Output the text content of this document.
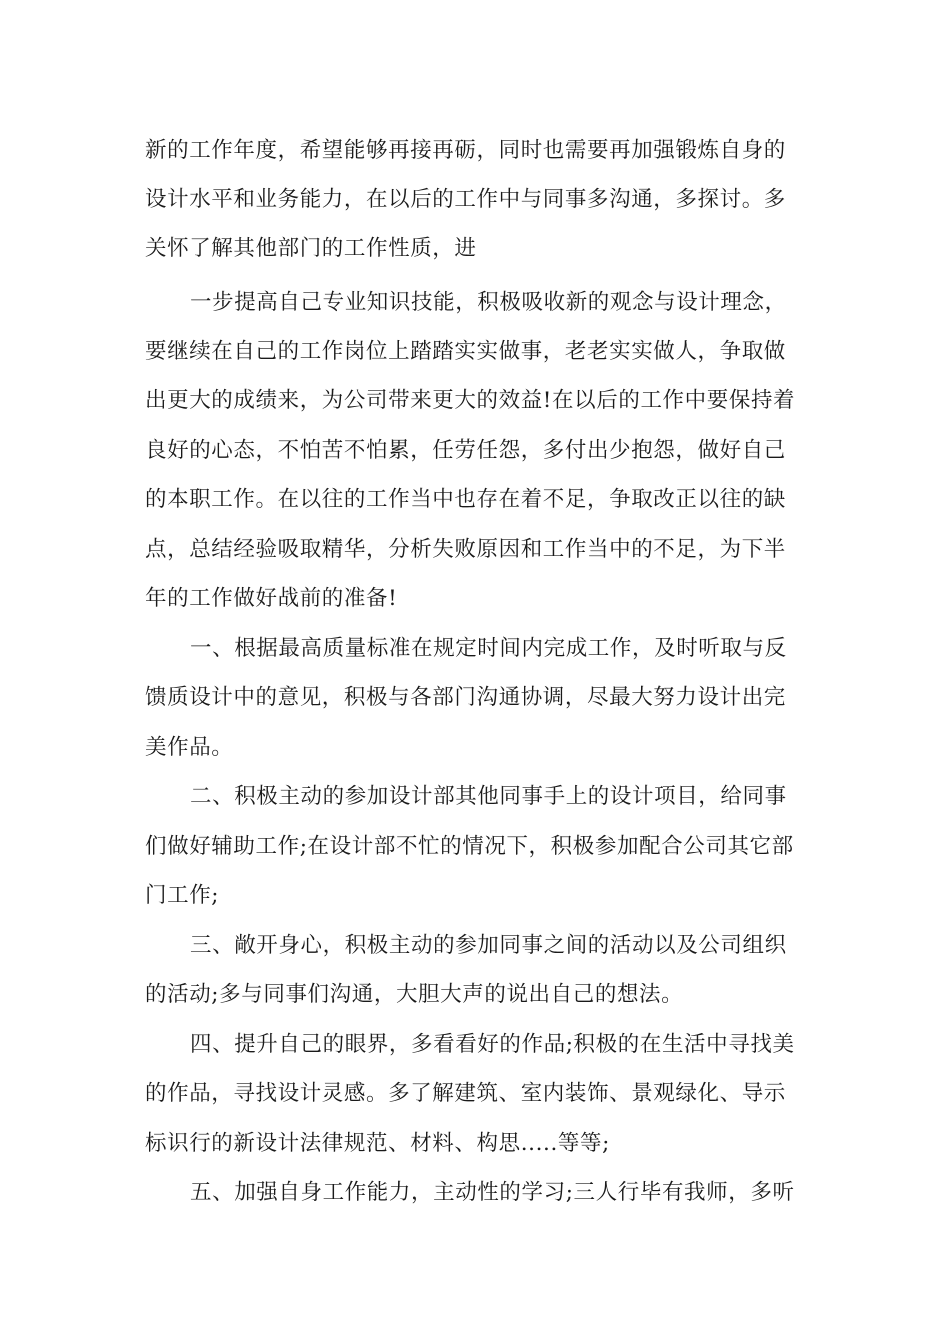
新的工作年度，希望能够再接再砺，同时也需要再加强锻炼自身的
设计水平和业务能力，在以后的工作中与同事多沟通，多探讨。多
关怀了解其他部门的工作性质，进
一步提高自己专业知识技能，积极吸收新的观念与设计理念，
要继续在自己的工作岗位上踏踏实实做事，老老实实做人，争取做
出更大的成绩来，为公司带来更大的效益!在以后的工作中要保持着
良好的心态，不怕苦不怕累，任劳任怨，多付出少抱怨，做好自己
的本职工作。在以往的工作当中也存在着不足，争取改正以往的缺
点，总结经验吸取精华，分析失败原因和工作当中的不足，为下半
年的工作做好战前的准备!
一、根据最高质量标准在规定时间内完成工作，及时听取与反
馈质设计中的意见，积极与各部门沟通协调，尽最大努力设计出完
美作品。
二、积极主动的参加设计部其他同事手上的设计项目，给同事
们做好辅助工作;在设计部不忙的情况下，积极参加配合公司其它部
门工作;
三、敞开身心，积极主动的参加同事之间的活动以及公司组织
的活动;多与同事们沟通，大胆大声的说出自己的想法。
四、提升自己的眼界，多看看好的作品;积极的在生活中寻找美
的作品，寻找设计灵感。多了解建筑、室内装饰、景观绿化、导示
标识行的新设计法律规范、材料、构思.....等等;
五、加强自身工作能力，主动性的学习;三人行毕有我师，多听
